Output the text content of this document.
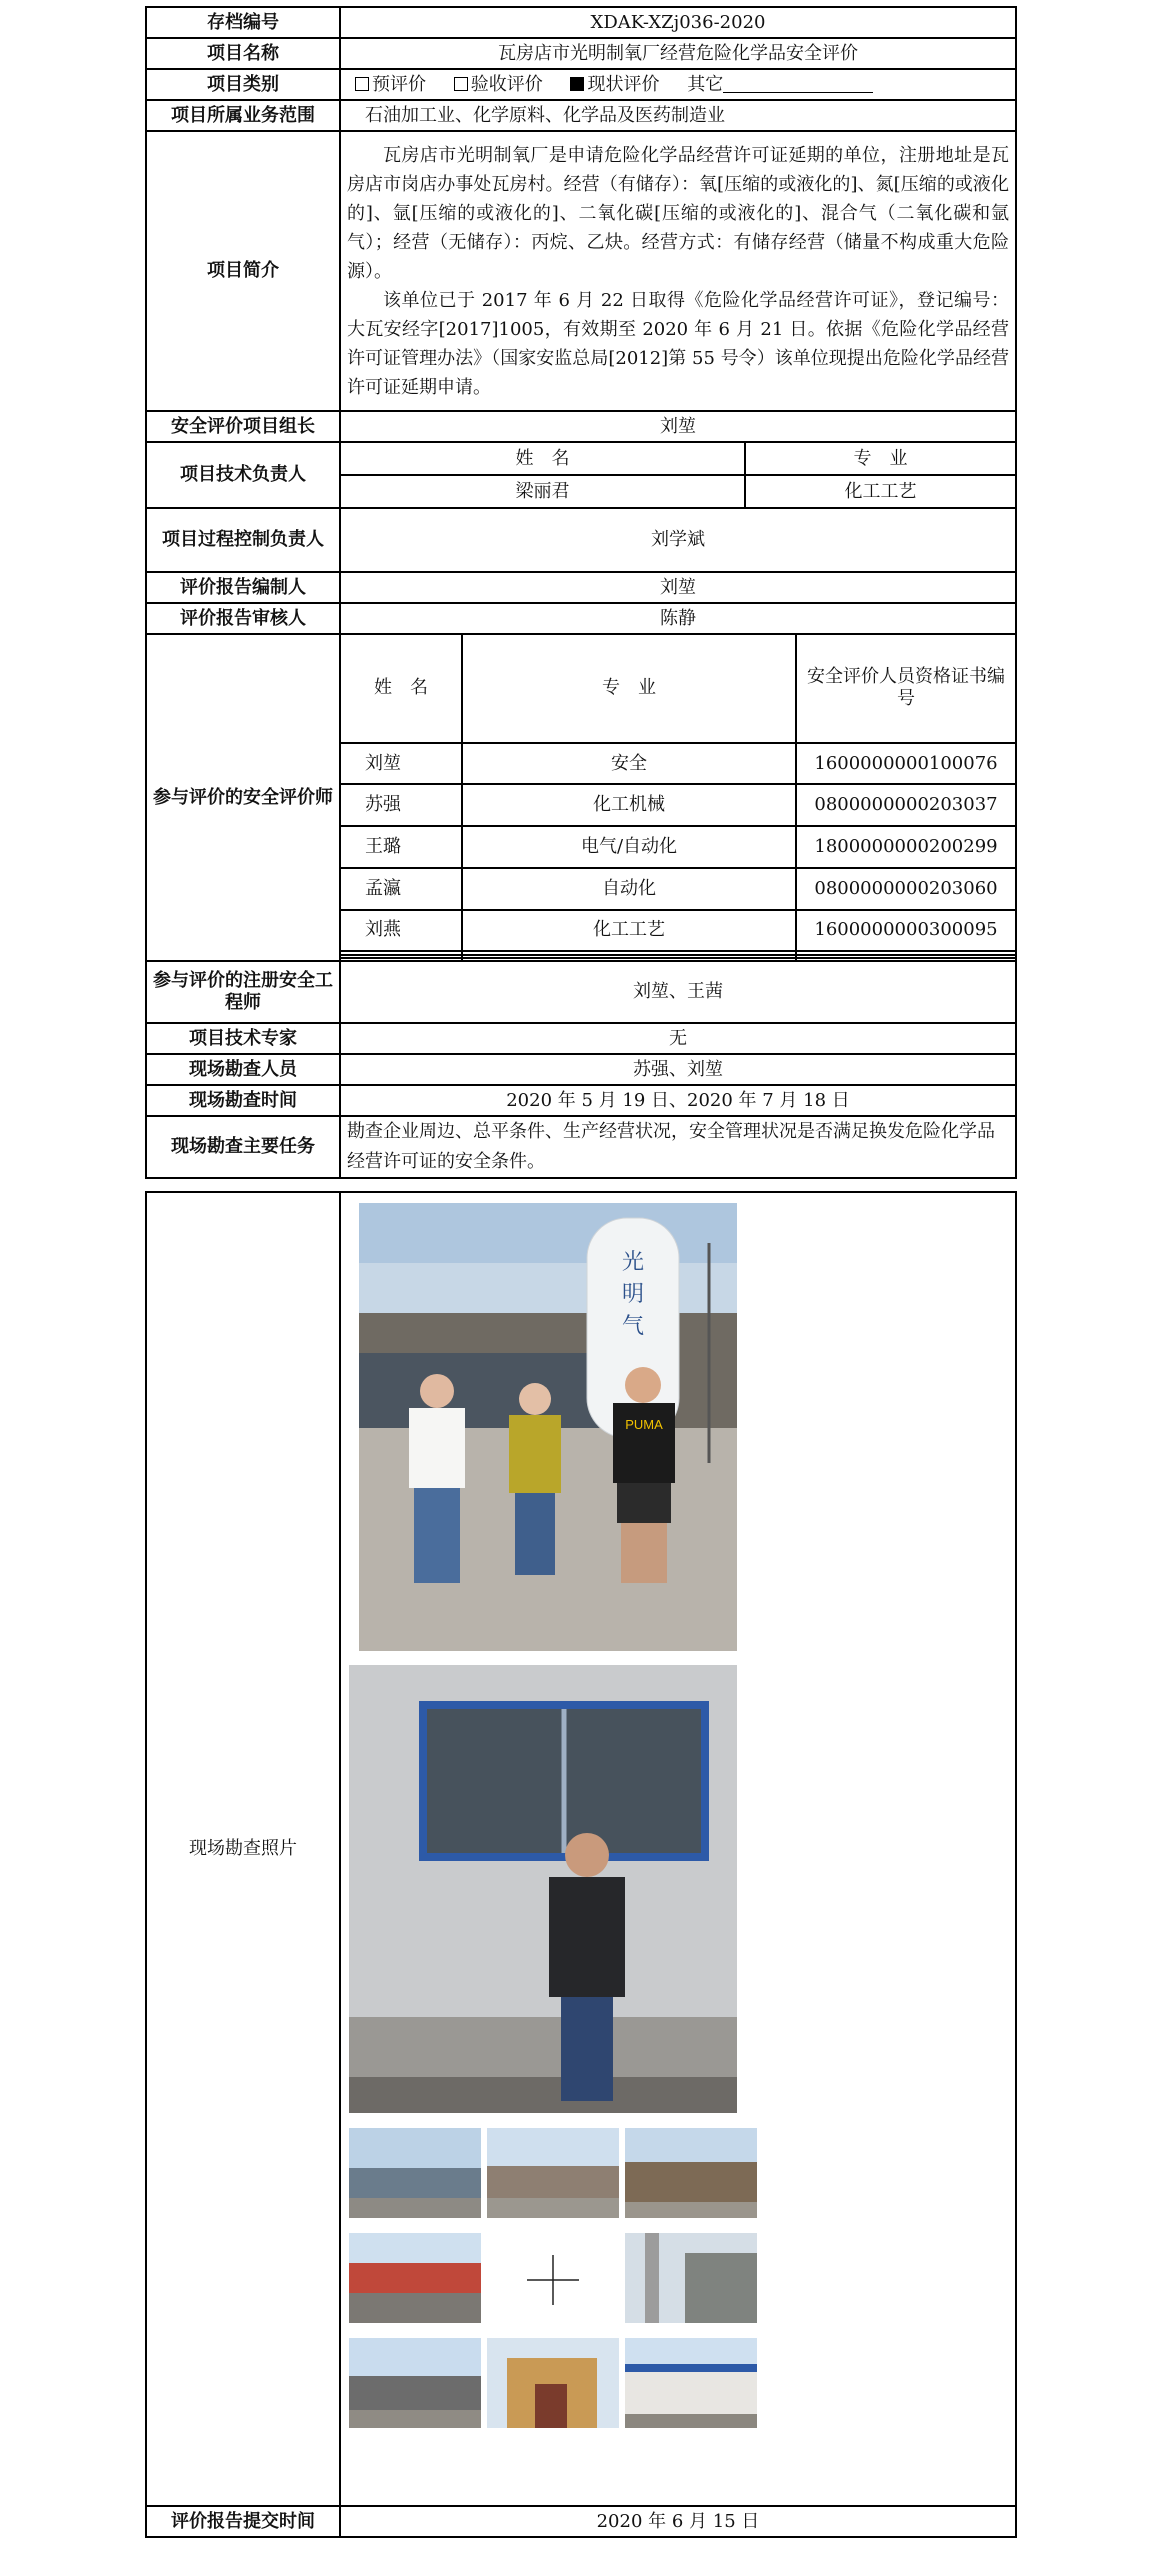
存档编号	XDAK-XZj036-2020
项目名称	瓦房店市光明制氧厂经营危险化学品安全评价
项目类别	预评价 验收评价 现状评价 其它
项目所属业务范围	石油加工业、化学原料、化学品及医药制造业
项目简介	

瓦房店市光明制氧厂是申请危险化学品经营许可证延期的单位，注册地址是瓦房店市岗店办事处瓦房村。经营（有储存）：氧[压缩的或液化的]、氮[压缩的或液化的]、氩[压缩的或液化的]、二氧化碳[压缩的或液化的]、混合气（二氧化碳和氩气）；经营（无储存）：丙烷、乙炔。经营方式：有储存经营（储量不构成重大危险源）。

该单位已于 2017 年 6 月 22 日取得《危险化学品经营许可证》，登记编号：大瓦安经字[2017]1005，有效期至 2020 年 6 月 21 日。依据《危险化学品经营许可证管理办法》（国家安监总局[2012]第 55 号令）该单位现提出危险化学品经营许可证延期申请。

安全评价项目组长	刘堃
项目技术负责人	
姓　名	专　业
梁丽君	化工工艺

项目过程控制负责人	刘学斌
评价报告编制人	刘堃
评价报告审核人	陈静
参与评价的安全评价师	
姓　名	专　业	安全评价人员资格证书编号
刘堃	安全	1600000000100076
苏强	化工机械	0800000000203037
王璐	电气/自动化	1800000000200299
孟瀛	自动化	0800000000203060
刘燕	化工工艺	1600000000300095

参与评价的注册安全工程师	刘堃、王茜
项目技术专家	无
现场勘查人员	苏强、刘堃
现场勘查时间	2020 年 5 月 19 日、2020 年 7 月 18 日
现场勘查主要任务	勘查企业周边、总平条件、生产经营状况，安全管理状况是否满足换发危险化学品经营许可证的安全条件。
现场勘查照片	光
明
气
PUMA

评价报告提交时间	2020 年 6 月 15 日
